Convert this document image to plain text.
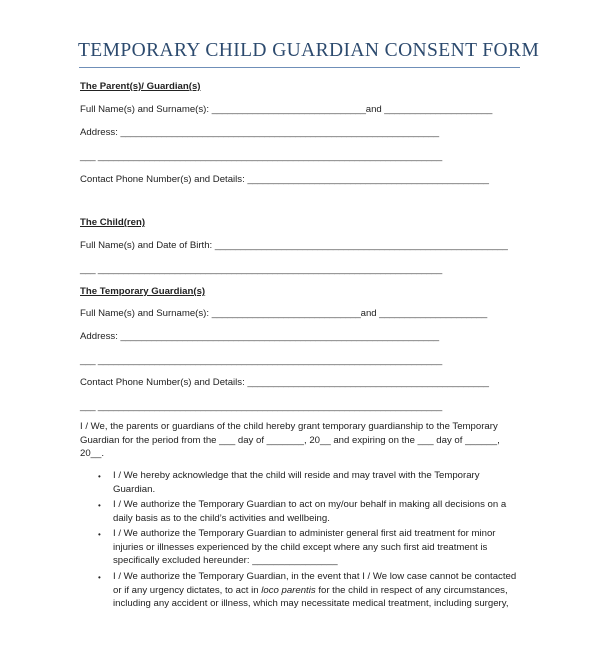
TEMPORARY CHILD GUARDIAN CONSENT FORM
The Parent(s)/ Guardian(s)
Full Name(s) and Surname(s): ______________________________and _____________________
Address: ______________________________________________________________
___ ___________________________________________________________________
Contact Phone Number(s) and Details: _______________________________________________
The Child(ren)
Full Name(s) and Date of Birth: _________________________________________________________
___ ___________________________________________________________________
The Temporary Guardian(s)
Full Name(s) and Surname(s): _____________________________and _____________________
Address: ______________________________________________________________
___ ___________________________________________________________________
Contact Phone Number(s) and Details: _______________________________________________
___ ___________________________________________________________________
I / We, the parents or guardians of the child hereby grant temporary guardianship to the Temporary
Guardian for the period from the ___ day of _______, 20__ and expiring on the ___ day of ______,
20__.
• I / We hereby acknowledge that the child will reside and may travel with the Temporary
Guardian.
• I / We authorize the Temporary Guardian to act on my/our behalf in making all decisions on a
daily basis as to the child’s activities and wellbeing.
• I / We authorize the Temporary Guardian to administer general first aid treatment for minor
injuries or illnesses experienced by the child except where any such first aid treatment is
specifically excluded hereunder: ________________
• I / We authorize the Temporary Guardian, in the event that I / We low case cannot be contacted
or if any urgency dictates, to act in loco parentis for the child in respect of any circumstances,
including any accident or illness, which may necessitate medical treatment, including surgery,
